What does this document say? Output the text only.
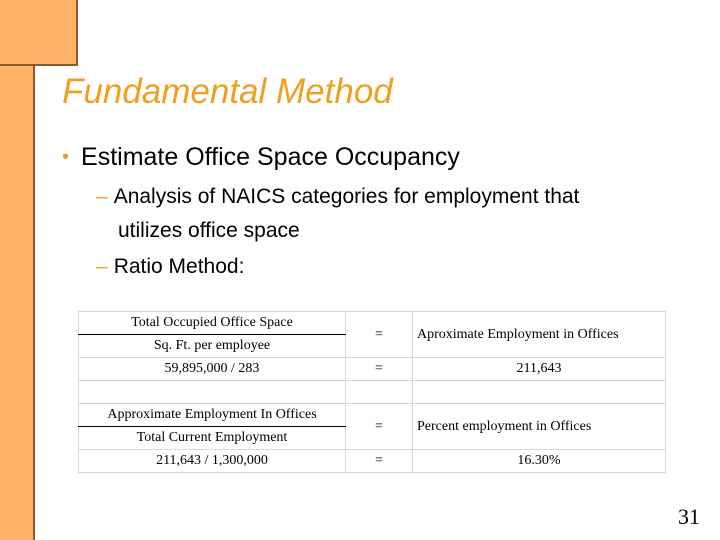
Fundamental Method
• Estimate Office Space Occupancy
– Analysis of NAICS categories for employment that
utilizes office space
– Ratio Method:
Total Occupied Office Space	=	Aproximate Employment in Offices
Sq. Ft. per employee		
59,895,000 / 283	=	211,643

Approximate Employment In Offices	=	Percent employment in Offices
Total Current Employment		
211,643 / 1,300,000	=	16.30%
31
